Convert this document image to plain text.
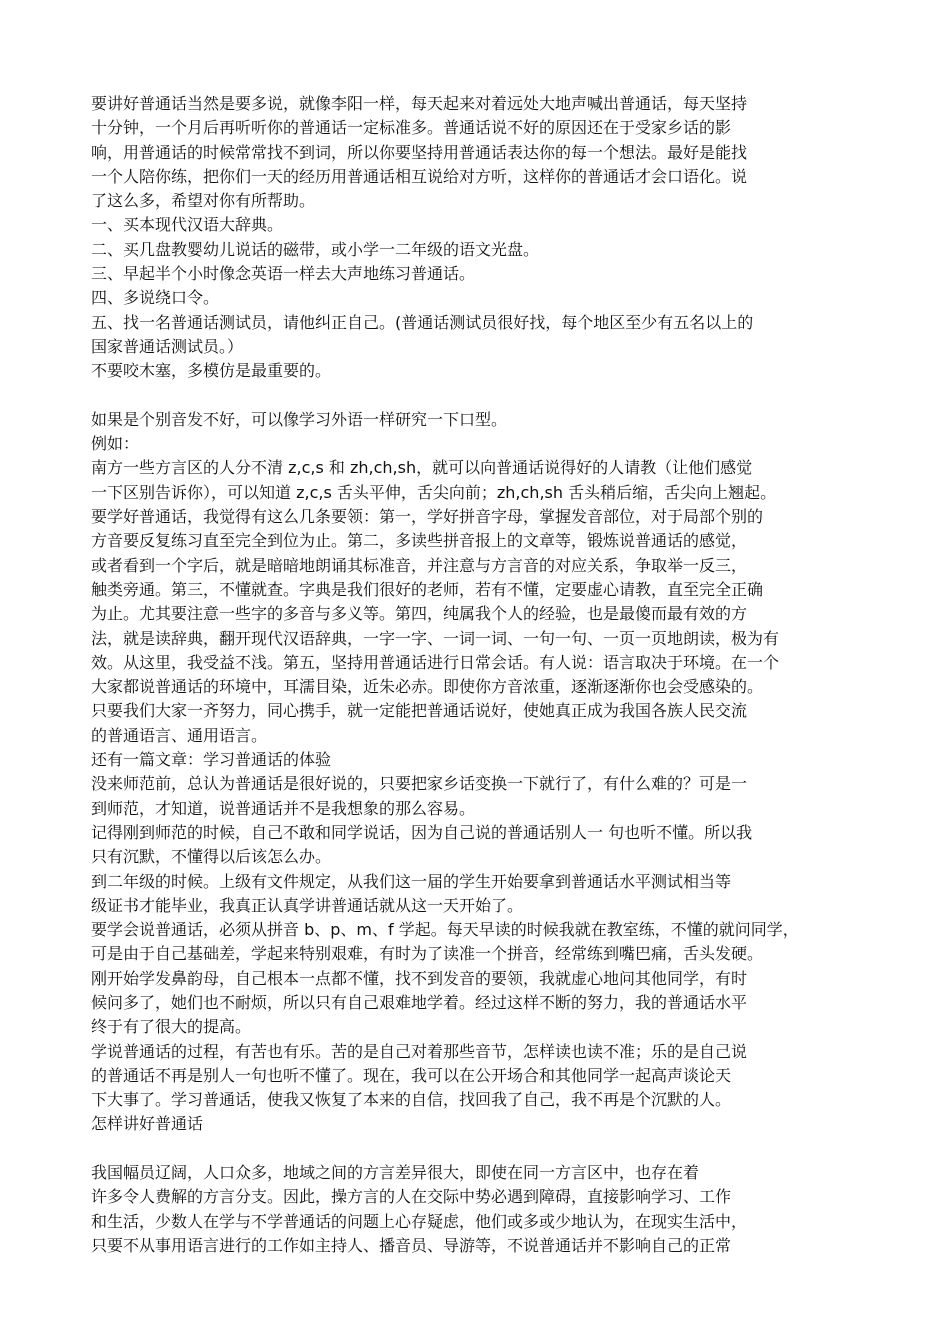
要讲好普通话当然是要多说，就像李阳一样，每天起来对着远处大地声喊出普通话，每天坚持
十分钟，一个月后再听听你的普通话一定标准多。普通话说不好的原因还在于受家乡话的影
响，用普通话的时候常常找不到词，所以你要坚持用普通话表达你的每一个想法。最好是能找
一个人陪你练，把你们一天的经历用普通话相互说给对方听，这样你的普通话才会口语化。说
了这么多，希望对你有所帮助。
一、买本现代汉语大辞典。
二、买几盘教婴幼儿说话的磁带，或小学一二年级的语文光盘。
三、早起半个小时像念英语一样去大声地练习普通话。
四、多说绕口令。
五、找一名普通话测试员，请他纠正自己。(普通话测试员很好找，每个地区至少有五名以上的
国家普通话测试员。）
不要咬木塞，多模仿是最重要的。
如果是个别音发不好，可以像学习外语一样研究一下口型。
例如：
南方一些方言区的人分不清 z,c,s 和 zh,ch,sh，就可以向普通话说得好的人请教（让他们感觉
一下区别告诉你），可以知道 z,c,s 舌头平伸，舌尖向前；zh,ch,sh 舌头稍后缩，舌尖向上翘起。
要学好普通话，我觉得有这么几条要领：第一，学好拼音字母，掌握发音部位，对于局部个别的
方音要反复练习直至完全到位为止。第二，多读些拼音报上的文章等，锻炼说普通话的感觉，
或者看到一个字后，就是暗暗地朗诵其标准音，并注意与方言音的对应关系，争取举一反三，
触类旁通。第三，不懂就查。字典是我们很好的老师，若有不懂，定要虚心请教，直至完全正确
为止。尤其要注意一些字的多音与多义等。第四，纯属我个人的经验，也是最傻而最有效的方
法，就是读辞典，翻开现代汉语辞典，一字一字、一词一词、一句一句、一页一页地朗读，极为有
效。从这里，我受益不浅。第五，坚持用普通话进行日常会话。有人说：语言取决于环境。在一个
大家都说普通话的环境中，耳濡目染，近朱必赤。即使你方音浓重，逐渐逐渐你也会受感染的。
只要我们大家一齐努力，同心携手，就一定能把普通话说好，使她真正成为我国各族人民交流
的普通语言、通用语言。
还有一篇文章：学习普通话的体验
没来师范前，总认为普通话是很好说的，只要把家乡话变换一下就行了，有什么难的？可是一
到师范，才知道，说普通话并不是我想象的那么容易。
记得刚到师范的时候，自己不敢和同学说话，因为自己说的普通话别人一 句也听不懂。所以我
只有沉默，不懂得以后该怎么办。
到二年级的时候。上级有文件规定，从我们这一届的学生开始要拿到普通话水平测试相当等
级证书才能毕业，我真正认真学讲普通话就从这一天开始了。
要学会说普通话，必须从拼音 b、p、m、f 学起。每天早读的时候我就在教室练，不懂的就问同学，
可是由于自己基础差，学起来特别艰难，有时为了读准一个拼音，经常练到嘴巴痛，舌头发硬。
刚开始学发鼻韵母，自己根本一点都不懂，找不到发音的要领，我就虚心地问其他同学，有时
候问多了，她们也不耐烦，所以只有自己艰难地学着。经过这样不断的努力，我的普通话水平
终于有了很大的提高。
学说普通话的过程，有苦也有乐。苦的是自己对着那些音节，怎样读也读不准；乐的是自己说
的普通话不再是别人一句也听不懂了。现在，我可以在公开场合和其他同学一起高声谈论天
下大事了。学习普通话，使我又恢复了本来的自信，找回我了自己，我不再是个沉默的人。
怎样讲好普通话
我国幅员辽阔，人口众多，地域之间的方言差异很大，即使在同一方言区中，也存在着
许多令人费解的方言分支。因此，操方言的人在交际中势必遇到障碍，直接影响学习、工作
和生活，少数人在学与不学普通话的问题上心存疑虑，他们或多或少地认为，在现实生活中，
只要不从事用语言进行的工作如主持人、播音员、导游等，不说普通话并不影响自己的正常
